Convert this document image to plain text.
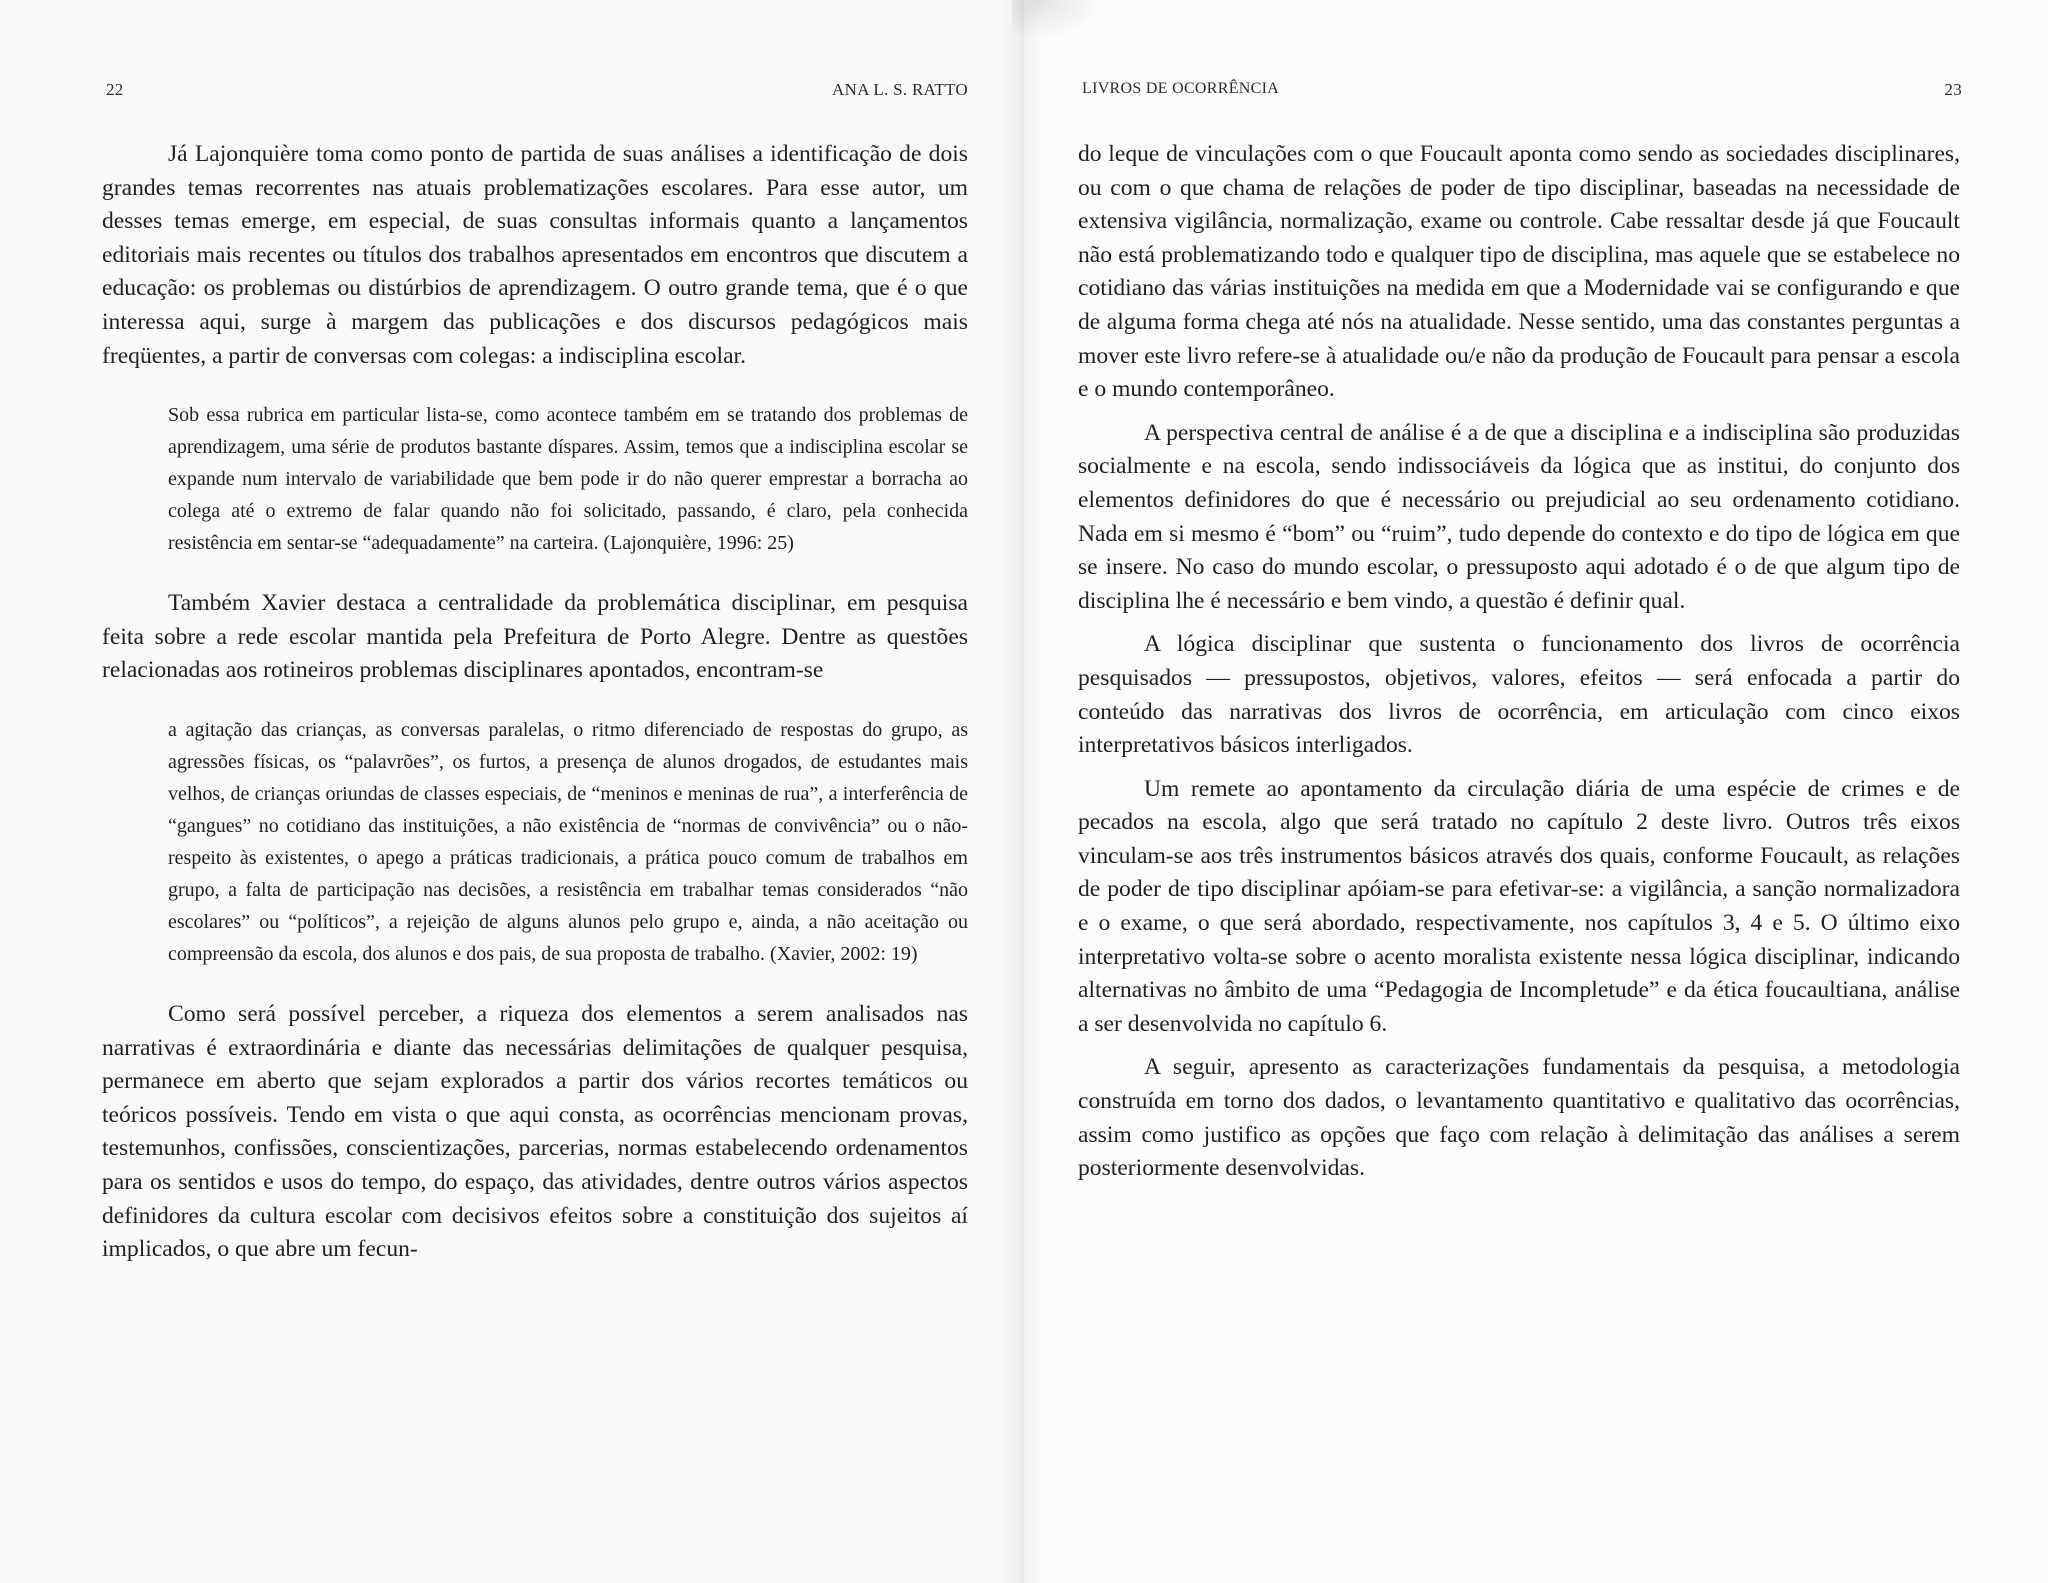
22	ANA L. S. RATTO

Já Lajonquière toma como ponto de partida de suas análises a identificação de dois grandes temas recorrentes nas atuais problematizações escolares. Para esse autor, um desses temas emerge, em especial, de suas consultas informais quanto a lançamentos editoriais mais recentes ou títulos dos trabalhos apresentados em encontros que discutem a educação: os problemas ou distúrbios de aprendizagem. O outro grande tema, que é o que interessa aqui, surge à margem das publicações e dos discursos pedagógicos mais freqüentes, a partir de conversas com colegas: a indisciplina escolar.

Sob essa rubrica em particular lista-se, como acontece também em se tratando dos problemas de aprendizagem, uma série de produtos bastante díspares. Assim, temos que a indisciplina escolar se expande num intervalo de variabilidade que bem pode ir do não querer emprestar a borracha ao colega até o extremo de falar quando não foi solicitado, passando, é claro, pela conhecida resistência em sentar-se “adequadamente” na carteira. (Lajonquière, 1996: 25)

Também Xavier destaca a centralidade da problemática disciplinar, em pesquisa feita sobre a rede escolar mantida pela Prefeitura de Porto Alegre. Dentre as questões relacionadas aos rotineiros problemas disciplinares apontados, encontram-se

a agitação das crianças, as conversas paralelas, o ritmo diferenciado de respostas do grupo, as agressões físicas, os “palavrões”, os furtos, a presença de alunos drogados, de estudantes mais velhos, de crianças oriundas de classes especiais, de “meninos e meninas de rua”, a interferência de “gangues” no cotidiano das instituições, a não existência de “normas de convivência” ou o não-respeito às existentes, o apego a práticas tradicionais, a prática pouco comum de trabalhos em grupo, a falta de participação nas decisões, a resistência em trabalhar temas considerados “não escolares” ou “políticos”, a rejeição de alguns alunos pelo grupo e, ainda, a não aceitação ou compreensão da escola, dos alunos e dos pais, de sua proposta de trabalho. (Xavier, 2002: 19)

Como será possível perceber, a riqueza dos elementos a serem analisados nas narrativas é extraordinária e diante das necessárias delimitações de qualquer pesquisa, permanece em aberto que sejam explorados a partir dos vários recortes temáticos ou teóricos possíveis. Tendo em vista o que aqui consta, as ocorrências mencionam provas, testemunhos, confissões, conscientizações, parcerias, normas estabelecendo ordenamentos para os sentidos e usos do tempo, do espaço, das atividades, dentre outros vários aspectos definidores da cultura escolar com decisivos efeitos sobre a constituição dos sujeitos aí implicados, o que abre um fecun-

LIVROS DE OCORRÊNCIA	23

do leque de vinculações com o que Foucault aponta como sendo as sociedades disciplinares, ou com o que chama de relações de poder de tipo disciplinar, baseadas na necessidade de extensiva vigilância, normalização, exame ou controle. Cabe ressaltar desde já que Foucault não está problematizando todo e qualquer tipo de disciplina, mas aquele que se estabelece no cotidiano das várias instituições na medida em que a Modernidade vai se configurando e que de alguma forma chega até nós na atualidade. Nesse sentido, uma das constantes perguntas a mover este livro refere-se à atualidade ou/e não da produção de Foucault para pensar a escola e o mundo contemporâneo.

A perspectiva central de análise é a de que a disciplina e a indisciplina são produzidas socialmente e na escola, sendo indissociáveis da lógica que as institui, do conjunto dos elementos definidores do que é necessário ou prejudicial ao seu ordenamento cotidiano. Nada em si mesmo é “bom” ou “ruim”, tudo depende do contexto e do tipo de lógica em que se insere. No caso do mundo escolar, o pressuposto aqui adotado é o de que algum tipo de disciplina lhe é necessário e bem vindo, a questão é definir qual.

A lógica disciplinar que sustenta o funcionamento dos livros de ocorrência pesquisados — pressupostos, objetivos, valores, efeitos — será enfocada a partir do conteúdo das narrativas dos livros de ocorrência, em articulação com cinco eixos interpretativos básicos interligados.

Um remete ao apontamento da circulação diária de uma espécie de crimes e de pecados na escola, algo que será tratado no capítulo 2 deste livro. Outros três eixos vinculam-se aos três instrumentos básicos através dos quais, conforme Foucault, as relações de poder de tipo disciplinar apóiam-se para efetivar-se: a vigilância, a sanção normalizadora e o exame, o que será abordado, respectivamente, nos capítulos 3, 4 e 5. O último eixo interpretativo volta-se sobre o acento moralista existente nessa lógica disciplinar, indicando alternativas no âmbito de uma “Pedagogia de Incompletude” e da ética foucaultiana, análise a ser desenvolvida no capítulo 6.

A seguir, apresento as caracterizações fundamentais da pesquisa, a metodologia construída em torno dos dados, o levantamento quantitativo e qualitativo das ocorrências, assim como justifico as opções que faço com relação à delimitação das análises a serem posteriormente desenvolvidas.
